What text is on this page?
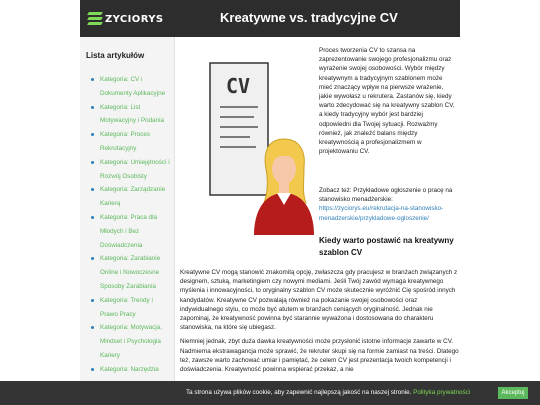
ZYCIORYS	Kreatywne vs. tradycyjne CV
Lista artykułów
Kategoria: CV i Dokumenty Aplikacyjne
Kategoria: List Motywacyjny i Podania
Kategoria: Proces Rekrutacyjny
Kategoria: Umiejętności i Rozwój Osobisty
Kategoria: Zarządzanie Karierą
Kategoria: Praca dla Młodych i Bez Doświadczenia
Kategoria: Zarabianie Online i Nowoczesne Sposoby Zarabiania
Kategoria: Trendy i Prawo Pracy
Kategoria: Motywacja, Mindset i Psychologia Kariery
Kategoria: Narzędzia
CV

Proces tworzenia CV to szansa na zaprezentowanie swojego profesjonalizmu oraz wyrażenie swojej osobowości. Wybór między kreatywnym a tradycyjnym szablonem może mieć znaczący wpływ na pierwsze wrażenie, jakie wywołasz u rekrutera. Zastanów się, kiedy warto zdecydować się na kreatywny szablon CV, a kiedy tradycyjny wybór jest bardziej odpowiedni dla Twojej sytuacji. Rozważmy również, jak znaleźć balans między kreatywnością a profesjonalizmem w projektowaniu CV.

Zobacz też: Przykładowe ogłoszenie o pracę na stanowisko menadżerskie: https://zyciorys.eu/rekrutacja-na-stanowisko-menadzerskie/przykladowe-ogloszenie/

Kiedy warto postawić na kreatywny szablon CV

Kreatywne CV mogą stanowić znakomitą opcję, zwłaszcza gdy pracujesz w branżach związanych z designem, sztuką, marketingiem czy nowymi mediami. Jeśli Twój zawód wymaga kreatywnego myślenia i innowacyjności, to oryginalny szablon CV może skutecznie wyróżnić Cię spośród innych kandydatów. Kreatywne CV pozwalają również na pokazanie swojej osobowości oraz indywidualnego stylu, co może być atutem w branżach ceniących oryginalność. Jednak nie zapominaj, że kreatywność powinna być starannie wyważona i dostosowana do charakteru stanowiska, na które się ubiegasz.

Niemniej jednak, zbyt duża dawka kreatywności może przysłonić istotne informacje zawarte w CV. Nadmierna ekstrawagancja może sprawić, że rekruter skupi się na formie zamiast na treści. Dlatego też, zawsze warto zachować umiar i pamiętać, że celem CV jest prezentacja twoich kompetencji i doświadczenia. Kreatywność powinna wspierać przekaz, a nie

Ta strona używa plików cookie, aby zapewnić najlepszą jakość na naszej stronie. Polityka prywatności	Akceptuj
